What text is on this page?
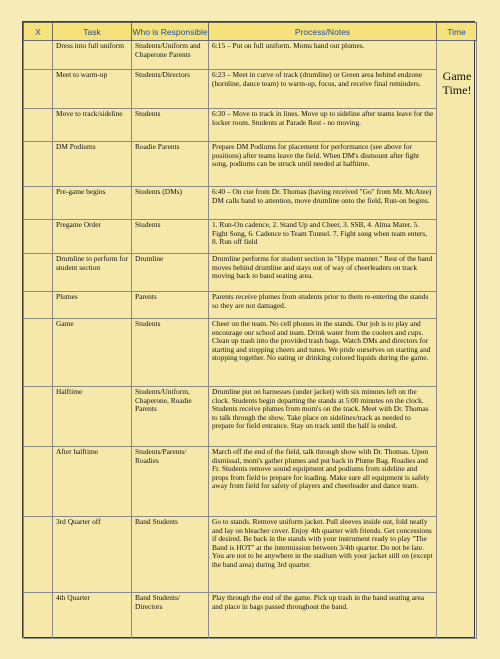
X	Task	Who is Responsible	Process/Notes	Time
	Dress into full uniform	Students/Uniform and Chaperone Parents	6:15 – Put on full uniform. Moms hand out plumes.	Game Time!

	Meet to warm-up	Students/Directors	6:23 – Meet in curve of track (drumline) or Green area behind endzone (hornline, dance team) to warm-up, focus, and receive final reminders.	
	Move to track/sideline	Students	6:30 – Move to track in lines. Move up to sideline after teams leave for the locker room. Students at Parade Rest - no moving.	
	DM Podiums	Roadie Parents	Prepare DM Podiums for placement for performance (see above for positions) after teams leave the field. When DM's dismount after fight song, podiums can be struck until needed at halftime.	
	Pre-game begins	Students (DMs)	6:40 – On cue from Dr. Thomas (having received "Go" from Mr. McAtee) DM calls band to attention, move drumline onto the field, Run-on begins.	
	Pregame Order	Students	1. Run-On cadence, 2. Stand Up and Cheer, 3. SSB, 4. Alma Mater, 5. Fight Song, 6. Cadence to Team Tunnel. 7. Fight song when team enters, 8. Run off field	
	Drumline to perform for student section	Drumline	Drumline performs for student section in "Hype manner." Rest of the band moves behind drumline and stays out of way of cheerleaders on track moving back to band seating area.	
	Plumes	Parents	Parents receive plumes from students prior to them re-entering the stands so they are not damaged.	
	Game	Students	Cheer on the team. No cell phones in the stands. Our job is to play and encourage our school and team. Drink water from the coolers and cups. Clean up trash into the provided trash bags. Watch DMs and directors for starting and stopping cheers and tunes. We pride ourselves on starting and stopping together. No eating or drinking colored liquids during the game.	
	Halftime	Students/Uniform, Chaperone, Roadie Parents	Drumline put on harnesses (under jacket) with six minutes left on the clock. Students begin departing the stands at 5:00 minutes on the clock. Students receive plumes from mom's on the track. Meet with Dr. Thomas to talk through the show. Take place on sidelines/track as needed to prepare for field entrance. Stay on track until the half is ended.	
	After halftime	Students/Parents/ Roadies	March off the end of the field, talk through show with Dr. Thomas. Upon dismissal, mom's gather plumes and put back in Plume Bag. Roadies and Fr. Students remove sound equipment and podiums from sideline and props from field to prepare for loading. Make sure all equipment is safely away from field for safety of players and cheerleader and dance team.	
	3rd Quarter off	Band Students	Go to stands. Remove uniform jacket. Pull sleeves inside out, fold neatly and lay on bleacher cover. Enjoy 4th quarter with friends. Get concessions if desired. Be back in the stands with your instrument ready to play "The Band is HOT" at the intermission between 3/4th quarter. Do not be late. You are not to be anywhere in the stadium with your jacket still on (except the band area) during 3rd quarter.	
	4th Quarter	Band Students/ Directors	Play through the end of the game. Pick up trash in the band seating area and place in bags passed throughout the band.	
